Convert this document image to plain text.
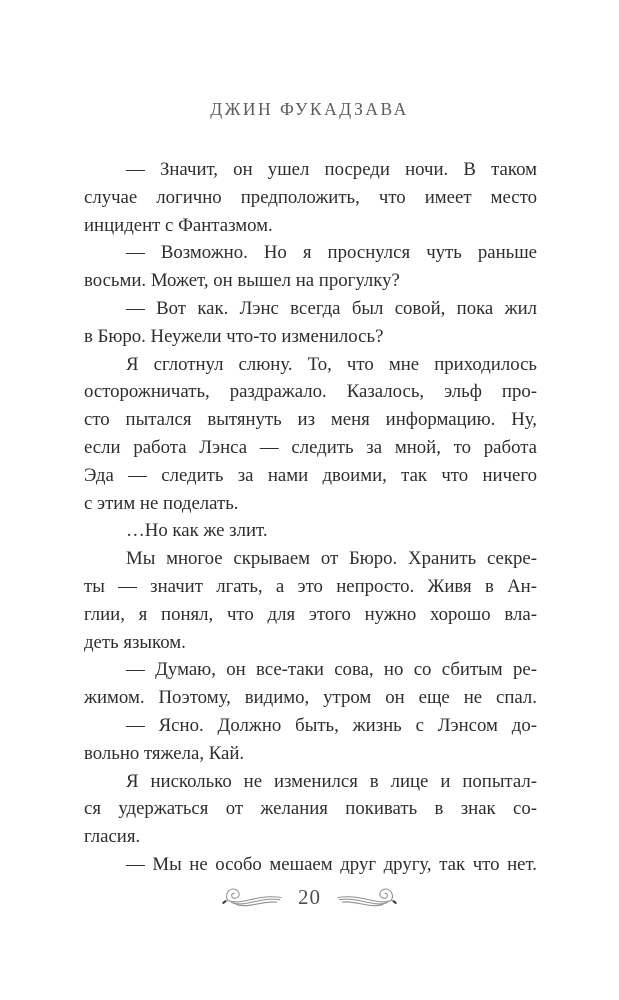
ДЖИН ФУКАДЗАВА
— Значит, он ушел посреди ночи. В таком
случае логично предположить, что имеет место
инцидент с Фантазмом.
— Возможно. Но я проснулся чуть раньше
восьми. Может, он вышел на прогулку?
— Вот как. Лэнс всегда был совой, пока жил
в Бюро. Неужели что-то изменилось?
Я сглотнул слюну. То, что мне приходилось
осторожничать, раздражало. Казалось, эльф про-
сто пытался вытянуть из меня информацию. Ну,
если работа Лэнса — следить за мной, то работа
Эда — следить за нами двоими, так что ничего
с этим не поделать.
…Но как же злит.
Мы многое скрываем от Бюро. Хранить секре-
ты — значит лгать, а это непросто. Живя в Ан-
глии, я понял, что для этого нужно хорошо вла-
деть языком.
— Думаю, он все-таки сова, но со сбитым ре-
жимом. Поэтому, видимо, утром он еще не спал.
— Ясно. Должно быть, жизнь с Лэнсом до-
вольно тяжела, Кай.
Я нисколько не изменился в лице и попытал-
ся удержаться от желания покивать в знак со-
гласия.
— Мы не особо мешаем друг другу, так что нет.
20
